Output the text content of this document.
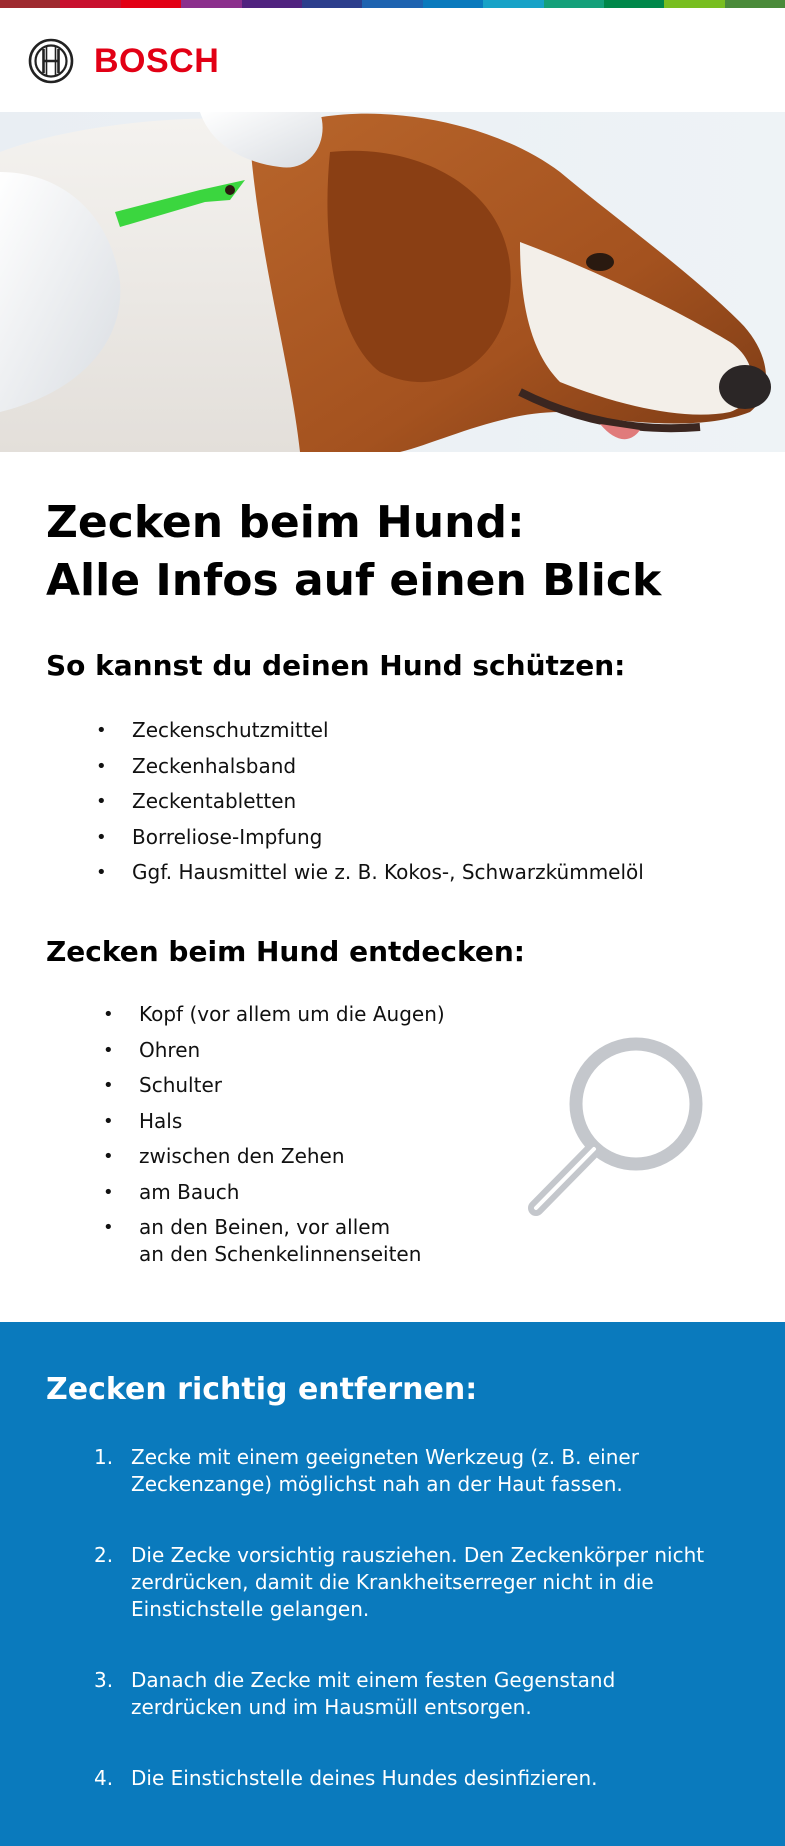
BOSCH
Zecken beim Hund:
Alle Infos auf einen Blick
So kannst du deinen Hund schützen:
• Zeckenschutzmittel
• Zeckenhalsband
• Zeckentabletten
• Borreliose-Impfung
• Ggf. Hausmittel wie z. B. Kokos-, Schwarzkümmelöl
Zecken beim Hund entdecken:
• Kopf (vor allem um die Augen)
• Ohren
• Schulter
• Hals
• zwischen den Zehen
• am Bauch
• an den Beinen, vor allem
an den Schenkelinnenseiten
Zecken richtig entfernen:
1. Zecke mit einem geeigneten Werkzeug (z. B. einer Zeckenzange) möglichst nah an der Haut fassen.
2. Die Zecke vorsichtig rausziehen. Den Zeckenkörper nicht zerdrücken, damit die Krankheitserreger nicht in die Einstichstelle gelangen.
3. Danach die Zecke mit einem festen Gegenstand zerdrücken und im Hausmüll entsorgen.
4. Die Einstichstelle deines Hundes desinfizieren.
